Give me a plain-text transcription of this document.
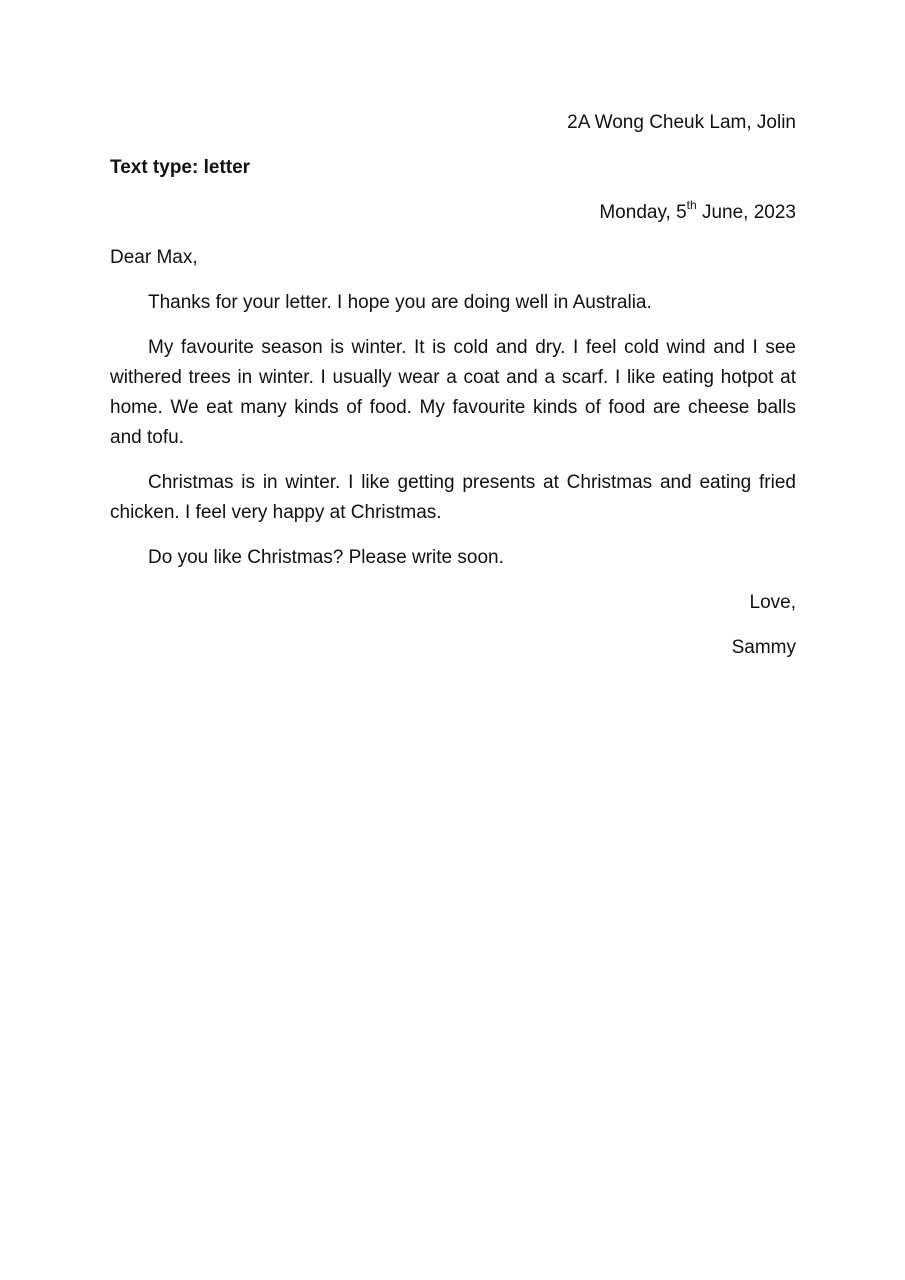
2A Wong Cheuk Lam, Jolin

Text type: letter

Monday, 5th June, 2023

Dear Max,

Thanks for your letter. I hope you are doing well in Australia.

My favourite season is winter. It is cold and dry. I feel cold wind and I see withered trees in winter. I usually wear a coat and a scarf. I like eating hotpot at home. We eat many kinds of food. My favourite kinds of food are cheese balls and tofu.

Christmas is in winter. I like getting presents at Christmas and eating fried chicken. I feel very happy at Christmas.

Do you like Christmas? Please write soon.

Love,

Sammy
